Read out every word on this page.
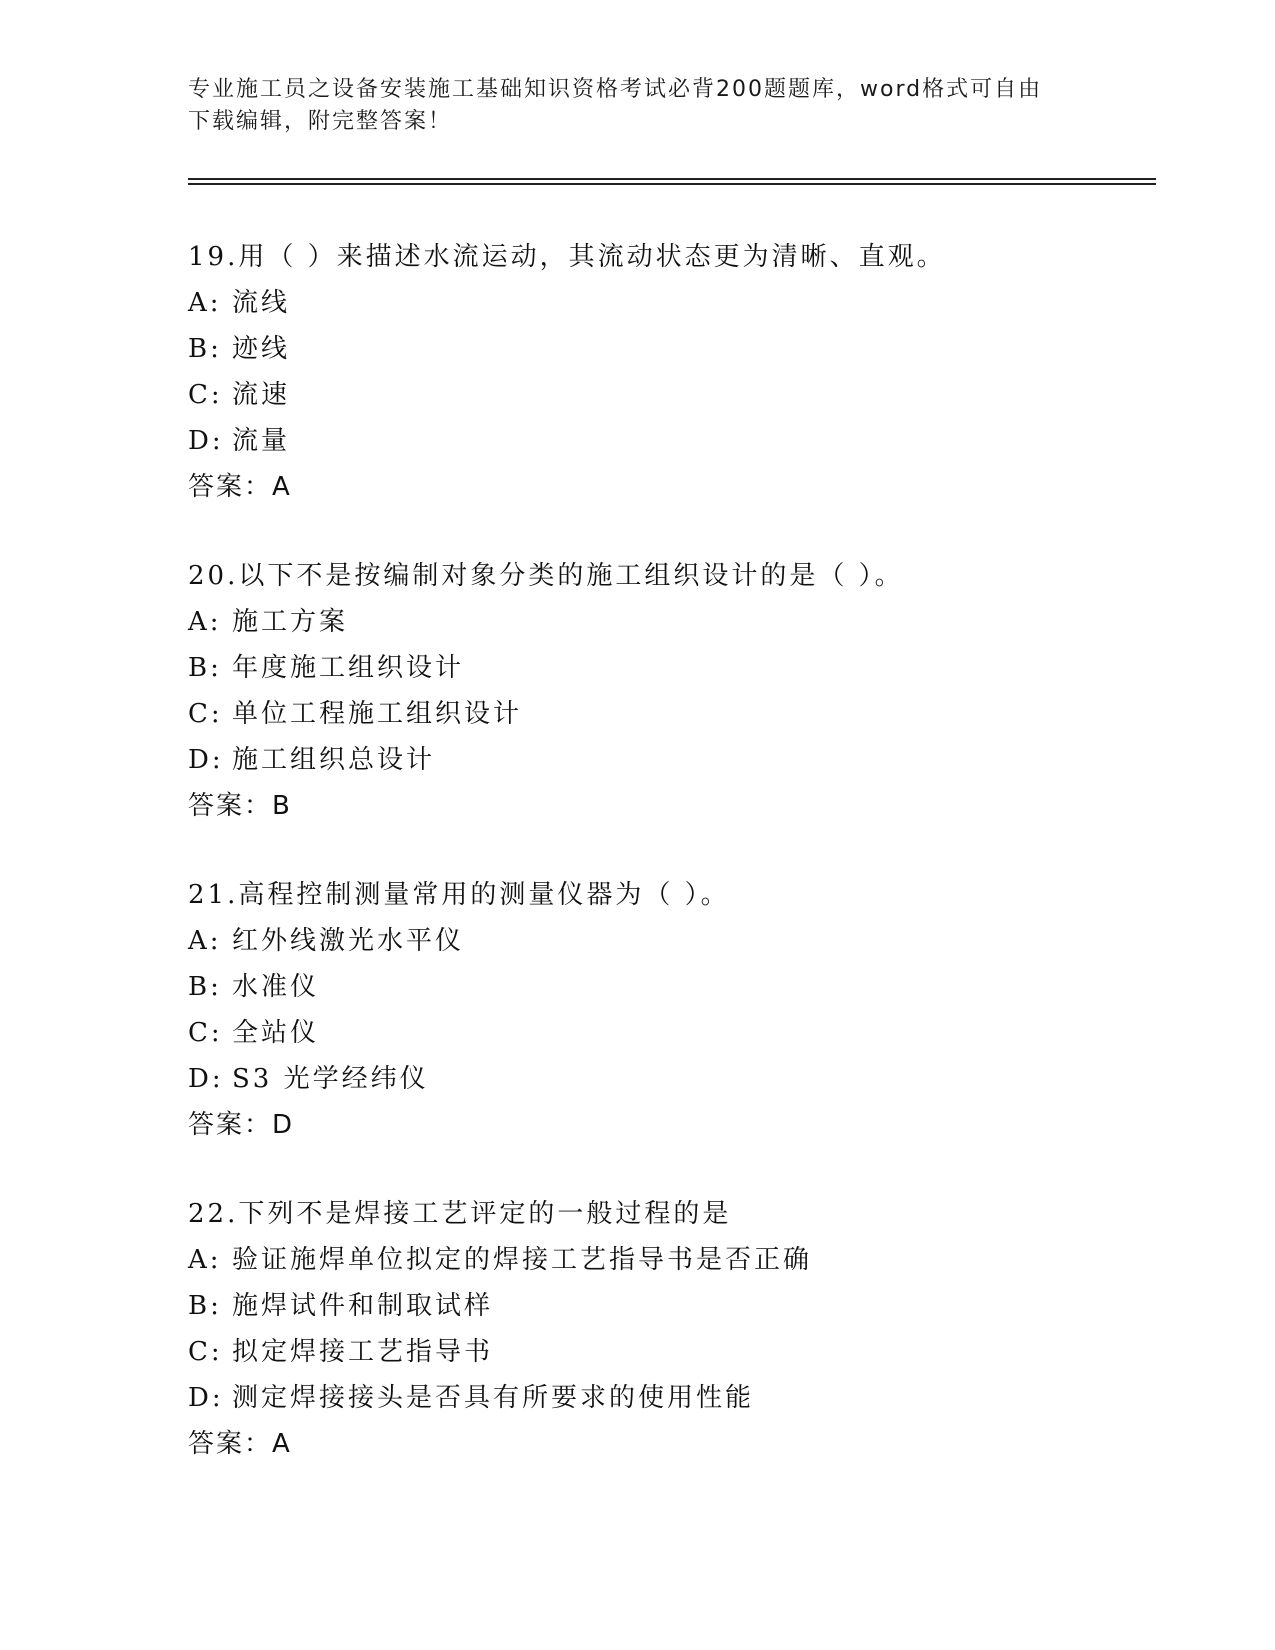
专业施工员之设备安装施工基础知识资格考试必背200题题库，word格式可自由
下载编辑，附完整答案！
19.用（ ）来描述水流运动，其流动状态更为清晰、直观。
A: 流线
B: 迹线
C: 流速
D: 流量
答案：A
20.以下不是按编制对象分类的施工组织设计的是（ ）。
A: 施工方案
B: 年度施工组织设计
C: 单位工程施工组织设计
D: 施工组织总设计
答案：B
21.高程控制测量常用的测量仪器为（ ）。
A: 红外线激光水平仪
B: 水准仪
C: 全站仪
D: S3 光学经纬仪
答案：D
22.下列不是焊接工艺评定的一般过程的是
A: 验证施焊单位拟定的焊接工艺指导书是否正确
B: 施焊试件和制取试样
C: 拟定焊接工艺指导书
D: 测定焊接接头是否具有所要求的使用性能
答案：A
